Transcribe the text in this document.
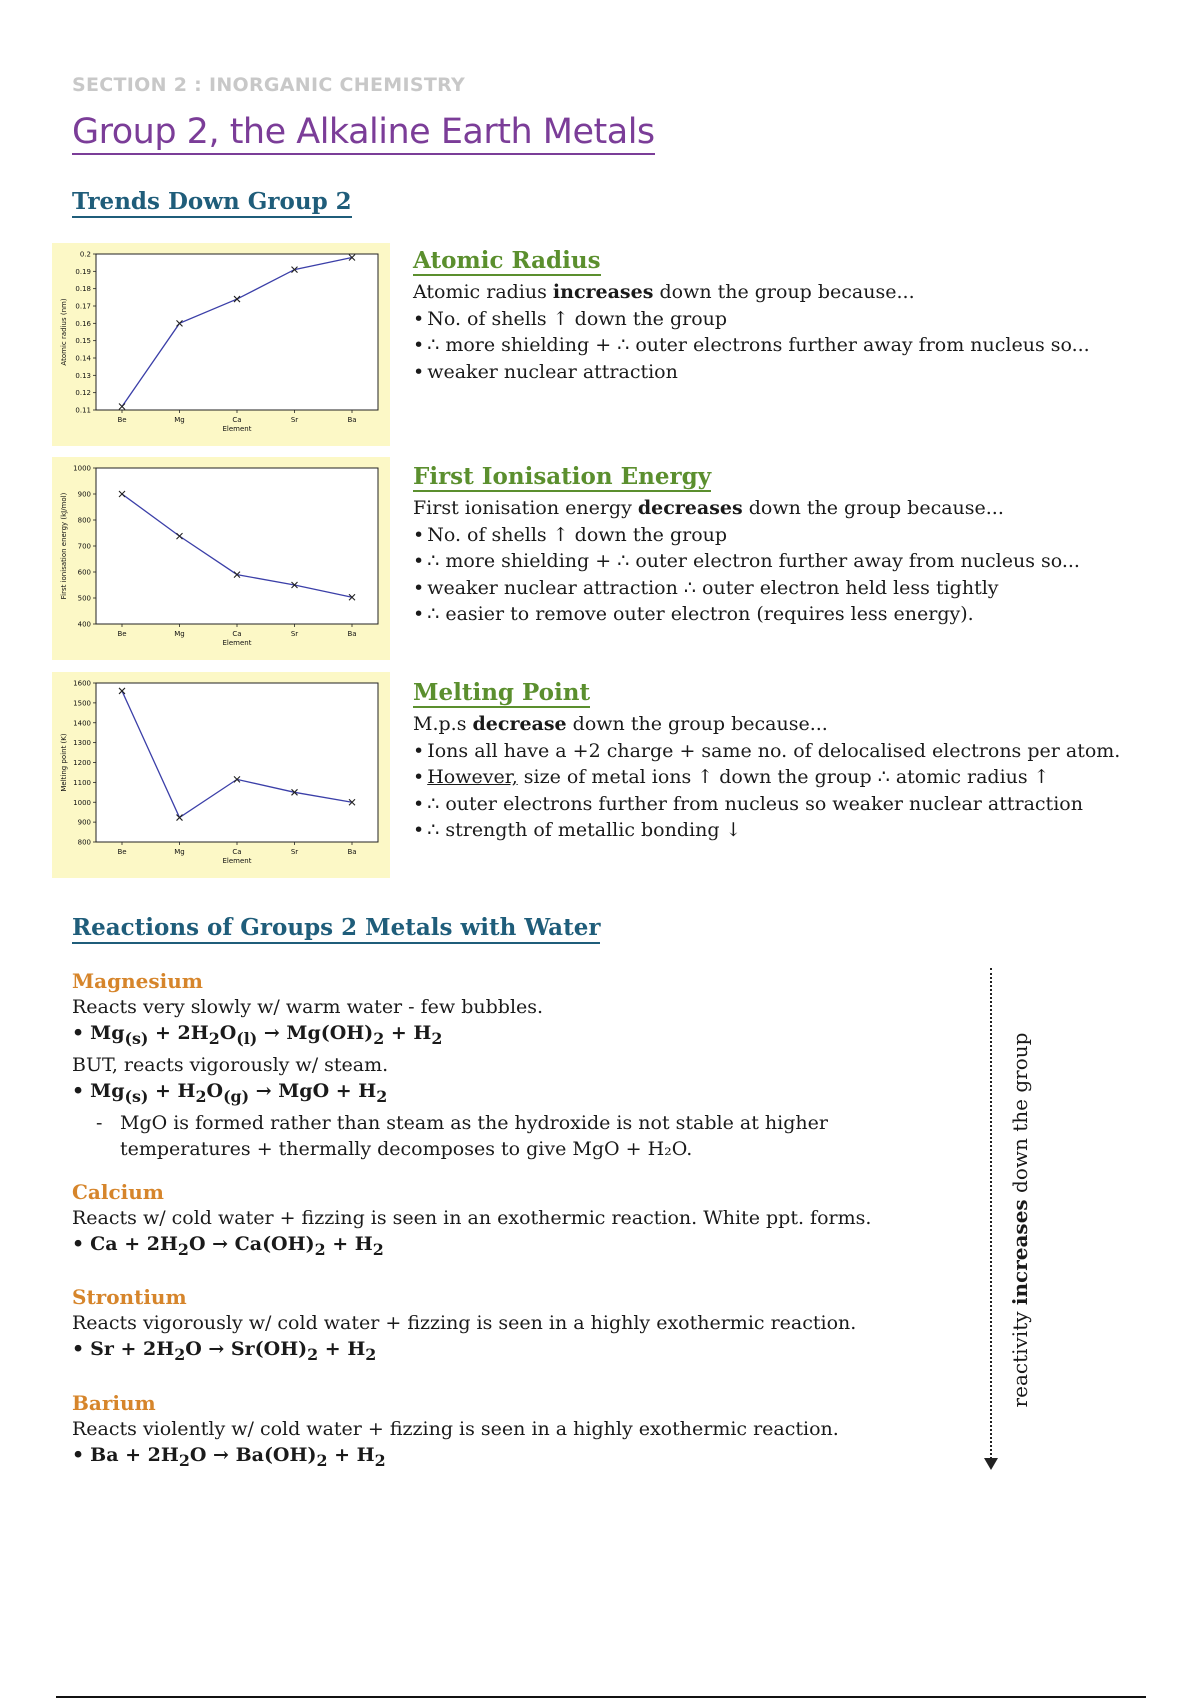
SECTION 2 : INORGANIC CHEMISTRY
Group 2, the Alkaline Earth Metals
Trends Down Group 2
0.11
0.12
0.13
0.14
0.15
0.16
0.17
0.18
0.19
0.2
Be	Mg	Ca	Sr	Ba
Element
Atomic radius (nm)
400
500
600
700
800
900
1000
Be	Mg	Ca	Sr	Ba
Element
First ionisation energy (kJ/mol)
800
900
1000
1100
1200
1300
1400
1500
1600
Be	Mg	Ca	Sr	Ba
Element
Melting point (K)
Atomic Radius

Atomic radius increases down the group because...

• No. of shells ↑ down the group
• ∴ more shielding + ∴ outer electrons further away from nucleus so...
• weaker nuclear attraction
First Ionisation Energy

First ionisation energy decreases down the group because...

• No. of shells ↑ down the group
• ∴ more shielding + ∴ outer electron further away from nucleus so...
• weaker nuclear attraction ∴ outer electron held less tightly
• ∴ easier to remove outer electron (requires less energy).
Melting Point

M.p.s decrease down the group because...

• Ions all have a +2 charge + same no. of delocalised electrons per atom.
• However, size of metal ions ↑ down the group ∴ atomic radius ↑
• ∴ outer electrons further from nucleus so weaker nuclear attraction
• ∴ strength of metallic bonding ↓
Reactions of Groups 2 Metals with Water
Magnesium

Reacts very slowly w/ warm water - few bubbles.

• $Mg_{(s)} + 2H_2O_{(l)} \to Mg(OH)_2 + H_2$

BUT, reacts vigorously w/ steam.

• $Mg_{(s)} + H_2O_{(g)}$ → MgO + $H_2$
- MgO is formed rather than steam as the hydroxide is not stable at higher temperatures + thermally decomposes to give MgO + H₂O.
Calcium

Reacts w/ cold water + fizzing is seen in an exothermic reaction. White ppt. forms.

• $Ca + 2H_2O \to Ca(OH)_2 + H_2$
Strontium

Reacts vigorously w/ cold water + fizzing is seen in a highly exothermic reaction.

• $Sr + 2H_2O \to Sr(OH)_2 + H_2$
Barium

Reacts violently w/ cold water + fizzing is seen in a highly exothermic reaction.

• $Ba + 2H_2O \to Ba(OH)_2 + H_2$
reactivity increases down the group
